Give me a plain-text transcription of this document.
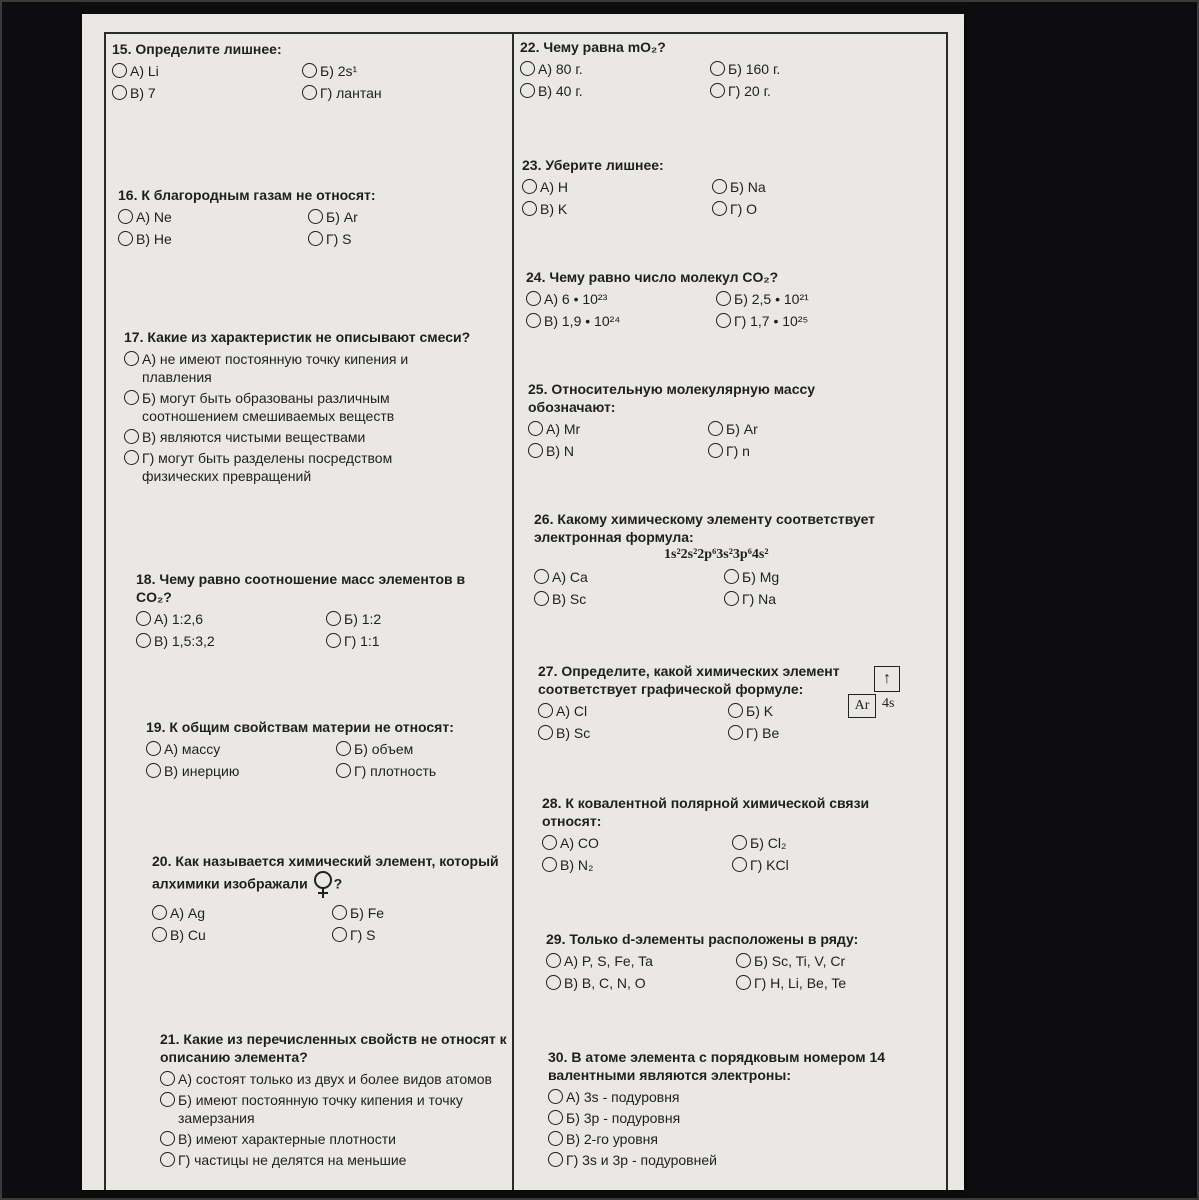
15. Определите лишнее:
А) Li	Б) 2s¹
В) 7	Г) лантан
16. К благородным газам не относят:
А) Ne	Б) Ar
В) He	Г) S
17. Какие из характеристик не описывают смеси?
А) не имеют постоянную точку кипения и плавления
Б) могут быть образованы различным соотношением смешиваемых веществ
В) являются чистыми веществами
Г) могут быть разделены посредством физических превращений
18. Чему равно соотношение масс элементов в CO₂?
А) 1:2,6	Б) 1:2
В) 1,5:3,2	Г) 1:1
19. К общим свойствам материи не относят:
А) массу	Б) объем
В) инерцию	Г) плотность
20. Как называется химический элемент, который алхимики изображали ?
А) Ag	Б) Fe
В) Cu	Г) S
21. Какие из перечисленных свойств не относят к описанию элемента?
А) состоят только из двух и более видов атомов
Б) имеют постоянную точку кипения и точку замерзания
В) имеют характерные плотности
Г) частицы не делятся на меньшие
22. Чему равна mO₂?
А) 80 г.	Б) 160 г.
В) 40 г.	Г) 20 г.
23. Уберите лишнее:
А) H	Б) Na
В) K	Г) O
24. Чему равно число молекул CO₂?
А) 6 • 10²³	Б) 2,5 • 10²¹
В) 1,9 • 10²⁴	Г) 1,7 • 10²⁵
25. Относительную молекулярную массу обозначают:
А) Mr	Б) Ar
В) N	Г) n
26. Какому химическому элементу соответствует электронная формула:
1s²2s²2p⁶3s²3p⁶4s²
А) Ca	Б) Mg
В) Sc	Г) Na
27. Определите, какой химических элемент соответствует графической формуле:
А) Cl	Б) K
В) Sc	Г) Be
↑
Ar 4s
28. К ковалентной полярной химической связи относят:
А) CO	Б) Cl₂
В) N₂	Г) KCl
29. Только d-элементы расположены в ряду:
А) P, S, Fe, Ta	Б) Sc, Ti, V, Cr
В) B, C, N, O	Г) H, Li, Be, Te
30. В атоме элемента с порядковым номером 14 валентными являются электроны:
А) 3s - подуровня
Б) 3p - подуровня
В) 2-го уровня
Г) 3s и 3p - подуровней
